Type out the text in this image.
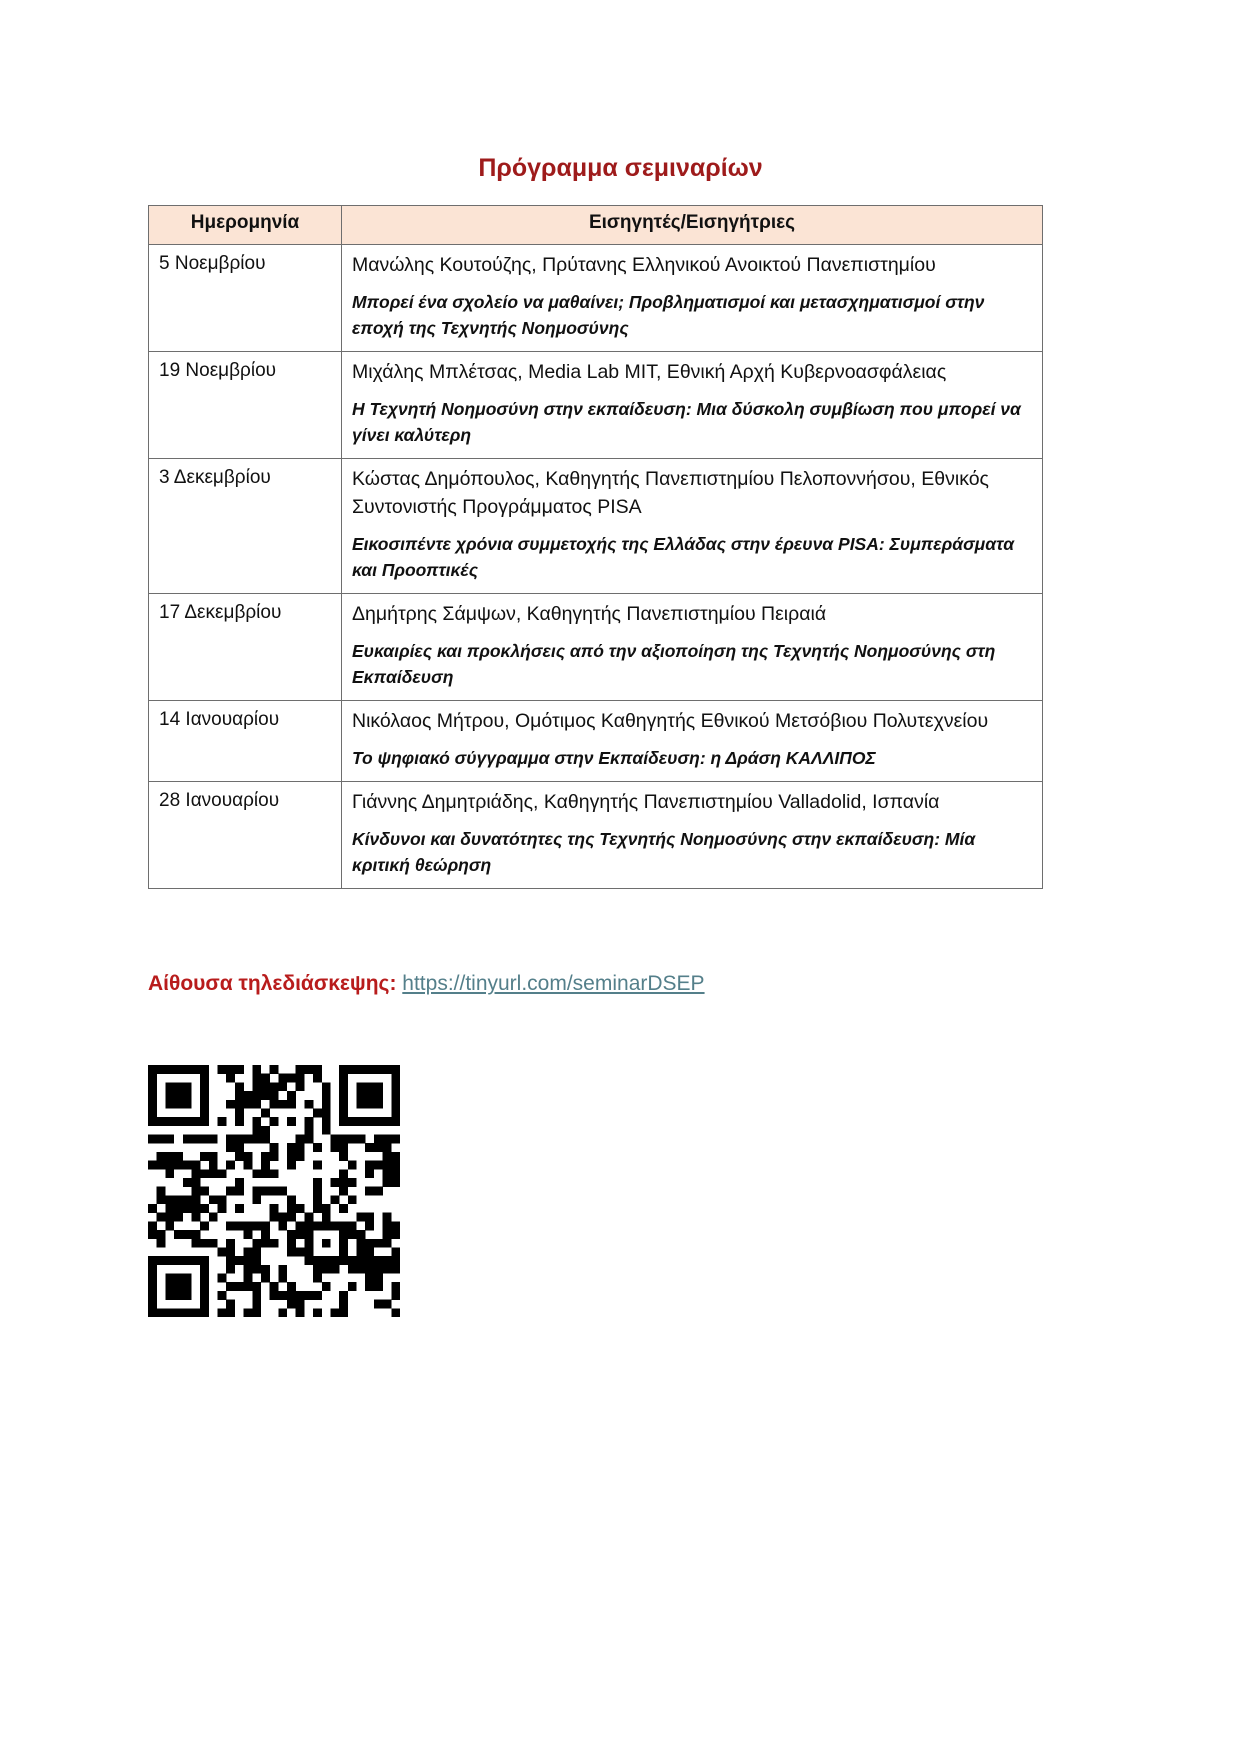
Πρόγραμμα σεμιναρίων
Ημερομηνία	Εισηγητές/Εισηγήτριες
5 Νοεμβρίου	Μανώλης Κουτούζης, Πρύτανης Ελληνικού Ανοικτού Πανεπιστημίου
Μπορεί ένα σχολείο να μαθαίνει; Προβληματισμοί και μετασχηματισμοί στην εποχή της Τεχνητής Νοημοσύνης

19 Νοεμβρίου	Μιχάλης Μπλέτσας, Media Lab MIT, Εθνική Αρχή Κυβερνοασφάλειας
Η Τεχνητή Νοημοσύνη στην εκπαίδευση: Μια δύσκολη συμβίωση που μπορεί να γίνει καλύτερη

3 Δεκεμβρίου	Κώστας Δημόπουλος, Καθηγητής Πανεπιστημίου Πελοποννήσου, Εθνικός Συντονιστής Προγράμματος PISA
Εικοσιπέντε χρόνια συμμετοχής της Ελλάδας στην έρευνα PISA: Συμπεράσματα και Προοπτικές

17 Δεκεμβρίου	Δημήτρης Σάμψων, Καθηγητής Πανεπιστημίου Πειραιά
Ευκαιρίες και προκλήσεις από την αξιοποίηση της Τεχνητής Νοημοσύνης στη Εκπαίδευση

14 Ιανουαρίου	Νικόλαος Μήτρου, Ομότιμος Καθηγητής Εθνικού Μετσόβιου Πολυτεχνείου
Το ψηφιακό σύγγραμμα στην Εκπαίδευση: η Δράση ΚΑΛΛΙΠΟΣ

28 Ιανουαρίου	Γιάννης Δημητριάδης, Καθηγητής Πανεπιστημίου Valladolid, Ισπανία
Κίνδυνοι και δυνατότητες της Τεχνητής Νοημοσύνης στην εκπαίδευση: Μία κριτική θεώρηση
Αίθουσα τηλεδιάσκεψης: https://tinyurl.com/seminarDSEP
